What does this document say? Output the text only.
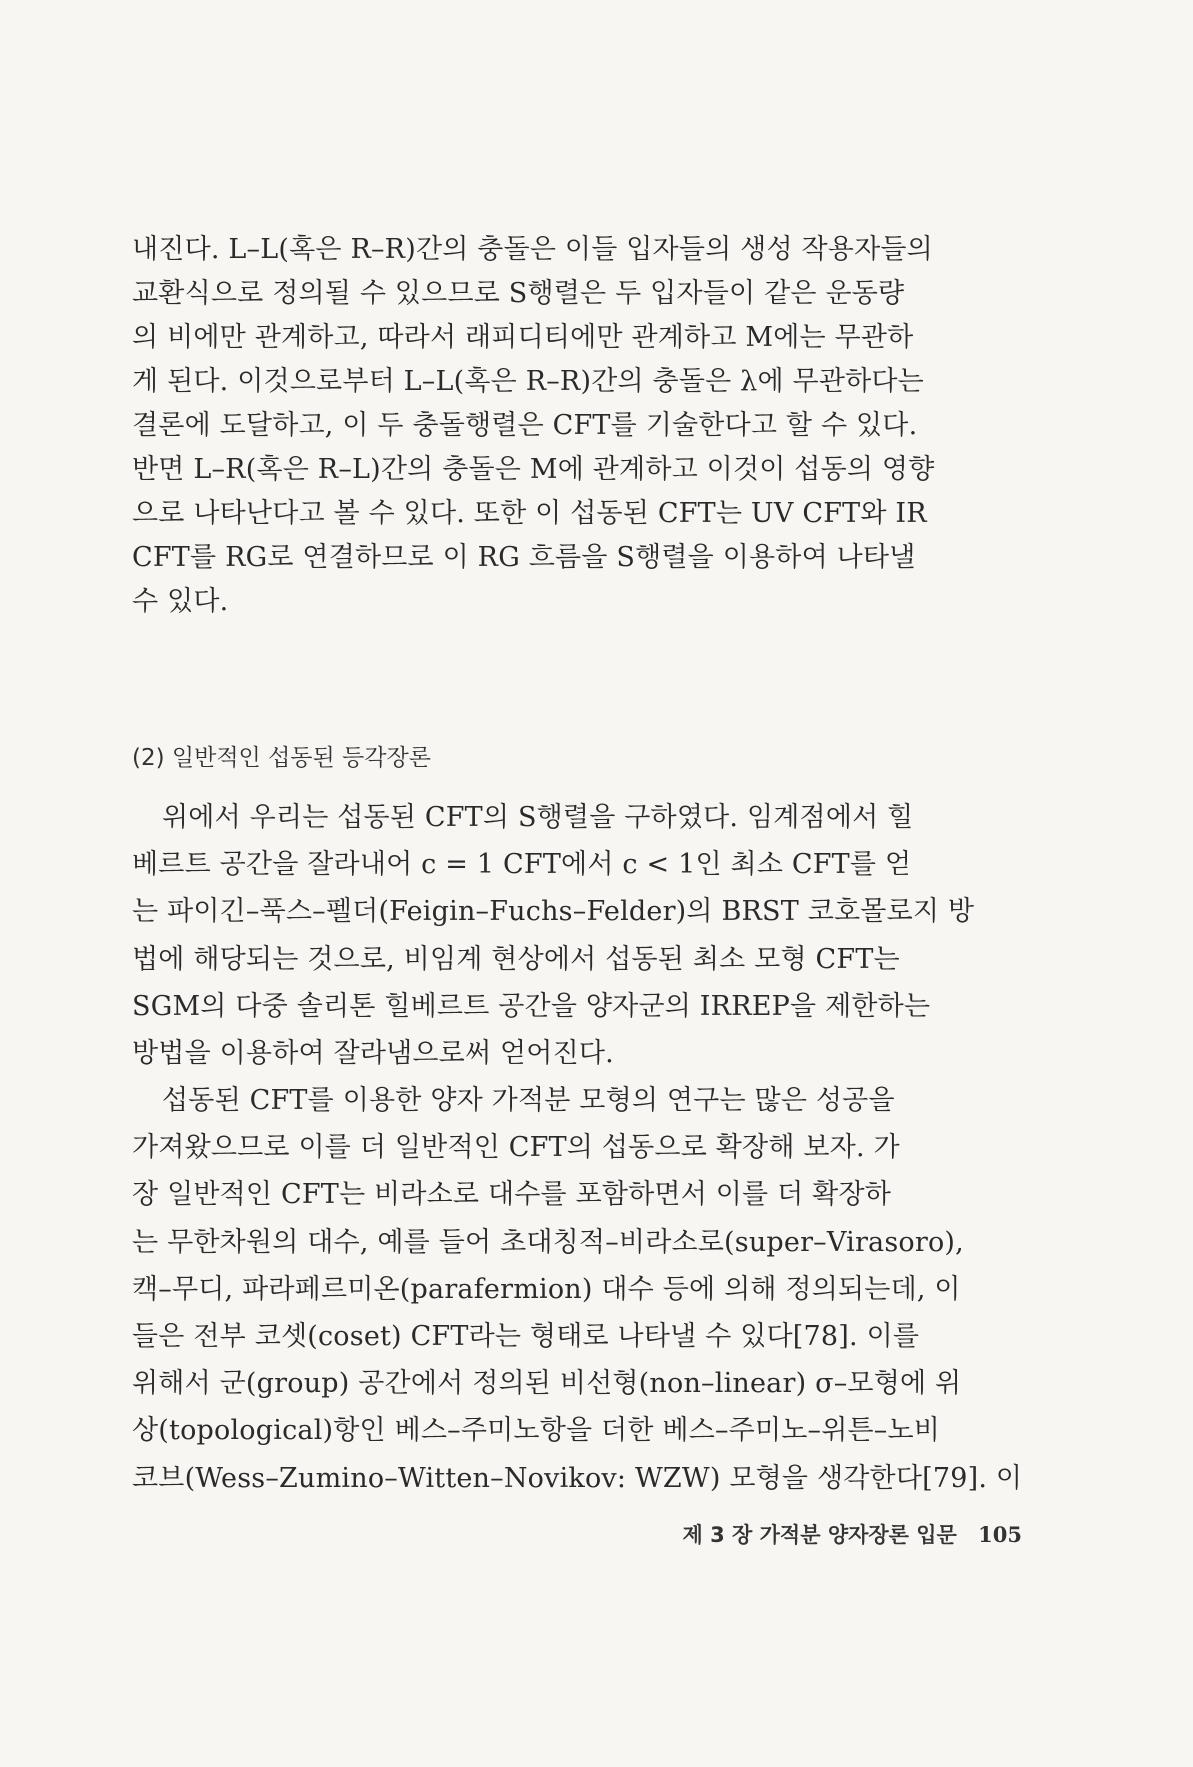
내진다. L–L(혹은 R–R)간의 충돌은 이들 입자들의 생성 작용자들의
교환식으로 정의될 수 있으므로 S행렬은 두 입자들이 같은 운동량
의 비에만 관계하고, 따라서 래피디티에만 관계하고 M에는 무관하
게 된다. 이것으로부터 L–L(혹은 R–R)간의 충돌은 λ에 무관하다는
결론에 도달하고, 이 두 충돌행렬은 CFT를 기술한다고 할 수 있다.
반면 L–R(혹은 R–L)간의 충돌은 M에 관계하고 이것이 섭동의 영향
으로 나타난다고 볼 수 있다. 또한 이 섭동된 CFT는 UV CFT와 IR
CFT를 RG로 연결하므로 이 RG 흐름을 S행렬을 이용하여 나타낼
수 있다.
(2) 일반적인 섭동된 등각장론
위에서 우리는 섭동된 CFT의 S행렬을 구하였다. 임계점에서 힐
베르트 공간을 잘라내어 c = 1 CFT에서 c < 1인 최소 CFT를 얻
는 파이긴–푹스–펠더(Feigin–Fuchs–Felder)의 BRST 코호몰로지 방
법에 해당되는 것으로, 비임계 현상에서 섭동된 최소 모형 CFT는
SGM의 다중 솔리톤 힐베르트 공간을 양자군의 IRREP을 제한하는
방법을 이용하여 잘라냄으로써 얻어진다.
섭동된 CFT를 이용한 양자 가적분 모형의 연구는 많은 성공을
가져왔으므로 이를 더 일반적인 CFT의 섭동으로 확장해 보자. 가
장 일반적인 CFT는 비라소로 대수를 포함하면서 이를 더 확장하
는 무한차원의 대수, 예를 들어 초대칭적–비라소로(super–Virasoro),
캑–무디, 파라페르미온(parafermion) 대수 등에 의해 정의되는데, 이
들은 전부 코셋(coset) CFT라는 형태로 나타낼 수 있다[78]. 이를
위해서 군(group) 공간에서 정의된 비선형(non–linear) σ–모형에 위
상(topological)항인 베스–주미노항을 더한 베스–주미노–위튼–노비
코브(Wess–Zumino–Witten–Novikov: WZW) 모형을 생각한다[79]. 이
제 3 장 가적분 양자장론 입문 105
